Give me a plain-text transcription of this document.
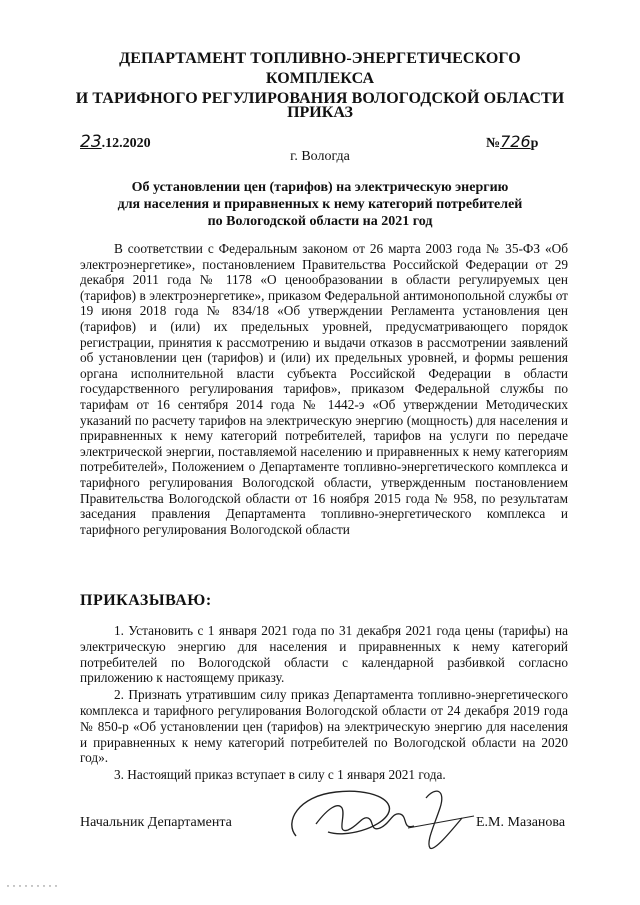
ДЕПАРТАМЕНТ ТОПЛИВНО-ЭНЕРГЕТИЧЕСКОГО КОМПЛЕКСА
И ТАРИФНОГО РЕГУЛИРОВАНИЯ ВОЛОГОДСКОЙ ОБЛАСТИ
ПРИКАЗ
23.12.2020	№726р
г. Вологда
Об установлении цен (тарифов) на электрическую энергию
для населения и приравненных к нему категорий потребителей
по Вологодской области на 2021 год
В соответствии с Федеральным законом от 26 марта 2003 года № 35-ФЗ «Об электроэнергетике», постановлением Правительства Российской Федерации от 29 декабря 2011 года № 1178 «О ценообразовании в области регулируемых цен (тарифов) в электроэнергетике», приказом Федеральной антимонопольной службы от 19 июня 2018 года № 834/18 «Об утверждении Регламента установления цен (тарифов) и (или) их предельных уровней, предусматривающего порядок регистрации, принятия к рассмотрению и выдачи отказов в рассмотрении заявлений об установлении цен (тарифов) и (или) их предельных уровней, и формы решения органа исполнительной власти субъекта Российской Федерации в области государственного регулирования тарифов», приказом Федеральной службы по тарифам от 16 сентября 2014 года № 1442-э «Об утверждении Методических указаний по расчету тарифов на электрическую энергию (мощность) для населения и приравненных к нему категорий потребителей, тарифов на услуги по передаче электрической энергии, поставляемой населению и приравненных к нему категориям потребителей», Положением о Департаменте топливно-энергетического комплекса и тарифного регулирования Вологодской области, утвержденным постановлением Правительства Вологодской области от 16 ноября 2015 года № 958, по результатам заседания правления Департамента топливно-энергетического комплекса и тарифного регулирования Вологодской области
ПРИКАЗЫВАЮ:

1. Установить с 1 января 2021 года по 31 декабря 2021 года цены (тарифы) на электрическую энергию для населения и приравненных к нему категорий потребителей по Вологодской области с календарной разбивкой согласно приложению к настоящему приказу.

2. Признать утратившим силу приказ Департамента топливно-энергетического комплекса и тарифного регулирования Вологодской области от 24 декабря 2019 года № 850-р «Об установлении цен (тарифов) на электрическую энергию для населения и приравненных к нему категорий потребителей по Вологодской области на 2020 год».

3. Настоящий приказ вступает в силу с 1 января 2021 года.

Начальник Департамента	Е.М. Мазанова
